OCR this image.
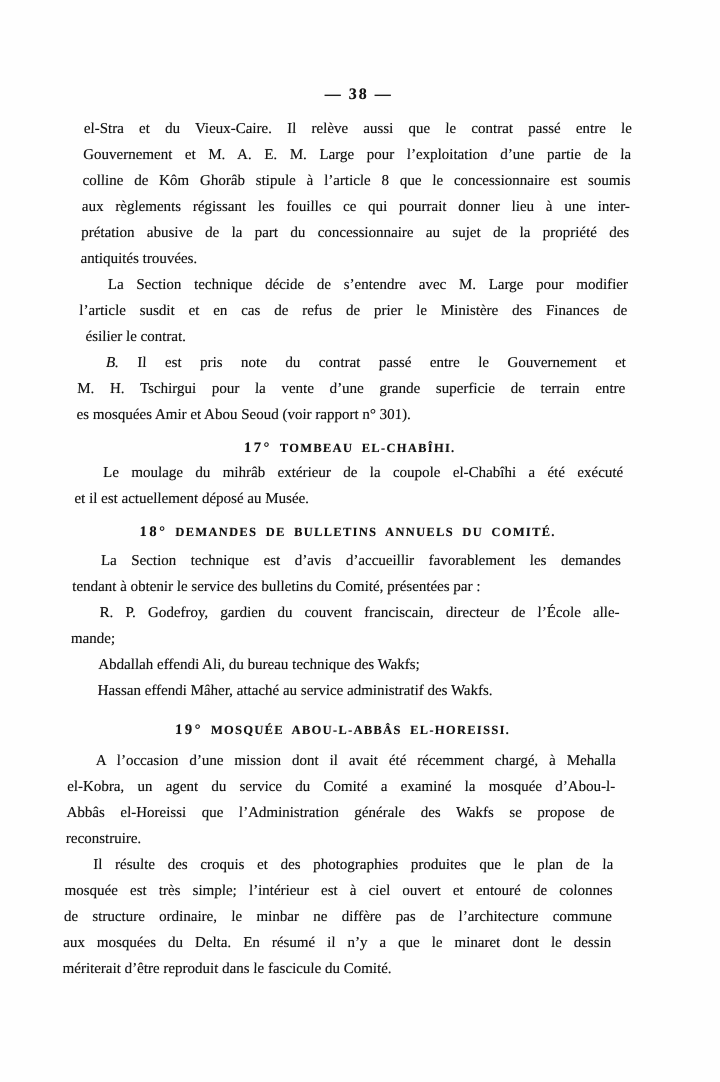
— 38 —
el-Stra et du Vieux-Caire. Il relève aussi que le contrat passé entre le
Gouvernement et M. A. E. M. Large pour l’exploitation d’une partie de la
colline de Kôm Ghorâb stipule à l’article 8 que le concessionnaire est soumis
aux règlements régissant les fouilles ce qui pourrait donner lieu à une inter-
prétation abusive de la part du concessionnaire au sujet de la propriété des
antiquités trouvées.
La Section technique décide de s’entendre avec M. Large pour modifier
l’article susdit et en cas de refus de prier le Ministère des Finances de
ésilier le contrat.
B. Il est pris note du contrat passé entre le Gouvernement et
M. H. Tschirgui pour la vente d’une grande superficie de terrain entre
es mosquées Amir et Abou Seoud (voir rapport n° 301).
17° TOMBEAU EL-CHABÎHI.
Le moulage du mihrâb extérieur de la coupole el-Chabîhi a été exécuté
et il est actuellement déposé au Musée.
18° DEMANDES DE BULLETINS ANNUELS DU COMITÉ.
La Section technique est d’avis d’accueillir favorablement les demandes
tendant à obtenir le service des bulletins du Comité, présentées par :
R. P. Godefroy, gardien du couvent franciscain, directeur de l’École alle-
mande;
Abdallah effendi Ali, du bureau technique des Wakfs;
Hassan effendi Mâher, attaché au service administratif des Wakfs.
19° MOSQUÉE ABOU-L-ABBÂS EL-HOREISSI.
A l’occasion d’une mission dont il avait été récemment chargé, à Mehalla
el-Kobra, un agent du service du Comité a examiné la mosquée d’Abou-l-
Abbâs el-Horeissi que l’Administration générale des Wakfs se propose de
reconstruire.
Il résulte des croquis et des photographies produites que le plan de la
mosquée est très simple; l’intérieur est à ciel ouvert et entouré de colonnes
de structure ordinaire, le minbar ne diffère pas de l’architecture commune
aux mosquées du Delta. En résumé il n’y a que le minaret dont le dessin
mériterait d’être reproduit dans le fascicule du Comité.
